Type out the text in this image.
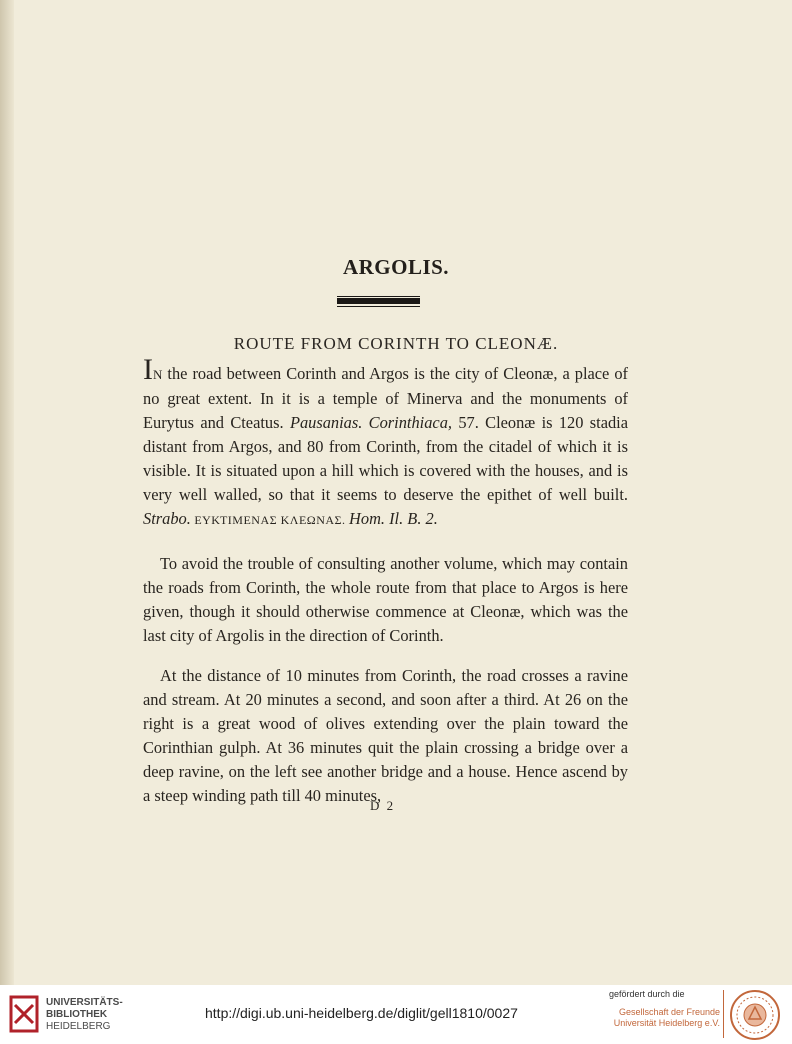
ARGOLIS.
ROUTE FROM CORINTH TO CLEONÆ.
IN the road between Corinth and Argos is the city of Cleonæ, a place of no great extent. In it is a temple of Minerva and the monuments of Eurytus and Cteatus. Pausanias. Corinthiaca, 57. Cleonæ is 120 stadia distant from Argos, and 80 from Corinth, from the citadel of which it is visible. It is situated upon a hill which is covered with the houses, and is very well walled, so that it seems to deserve the epithet of well built. Strabo. ΕΥΚΤΙΜΕΝΑΣ ΚΛΕΩΝΑΣ. Hom. Il. B. 2.
To avoid the trouble of consulting another volume, which may contain the roads from Corinth, the whole route from that place to Argos is here given, though it should otherwise commence at Cleonæ, which was the last city of Argolis in the direction of Corinth.
At the distance of 10 minutes from Corinth, the road crosses a ravine and stream. At 20 minutes a second, and soon after a third. At 26 on the right is a great wood of olives extending over the plain toward the Corinthian gulph. At 36 minutes quit the plain crossing a bridge over a deep ravine, on the left see another bridge and a house. Hence ascend by a steep winding path till 40 minutes,
D 2
UNIVERSITÄTS-
BIBLIOTHEK
HEIDELBERG
http://digi.ub.uni-heidelberg.de/diglit/gell1810/0027
gefördert durch die
Gesellschaft der Freunde
Universität Heidelberg e.V.
